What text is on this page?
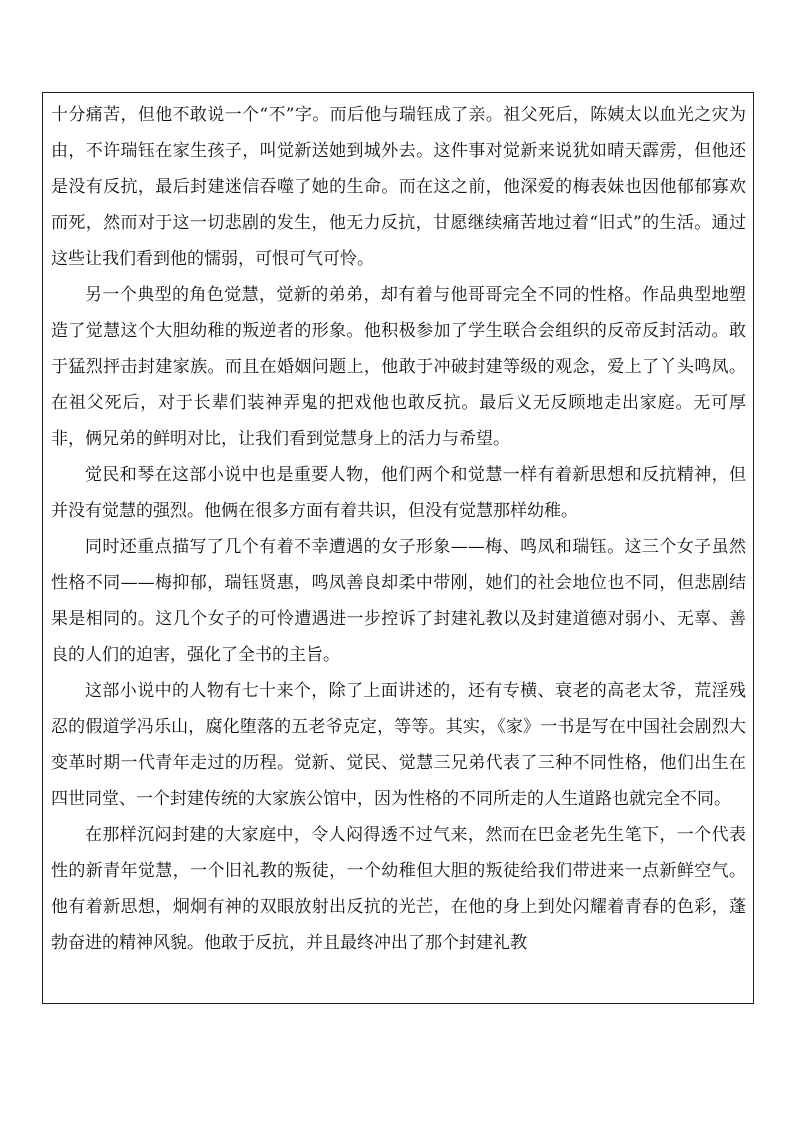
十分痛苦，但他不敢说一个“不”字。而后他与瑞钰成了亲。祖父死后，陈姨太以血光之灾为由，不许瑞钰在家生孩子，叫觉新送她到城外去。这件事对觉新来说犹如晴天霹雳，但他还是没有反抗，最后封建迷信吞噬了她的生命。而在这之前，他深爱的梅表妹也因他郁郁寡欢而死，然而对于这一切悲剧的发生，他无力反抗，甘愿继续痛苦地过着“旧式”的生活。通过这些让我们看到他的懦弱，可恨可气可怜。

另一个典型的角色觉慧，觉新的弟弟，却有着与他哥哥完全不同的性格。作品典型地塑造了觉慧这个大胆幼稚的叛逆者的形象。他积极参加了学生联合会组织的反帝反封活动。敢于猛烈抨击封建家族。而且在婚姻问题上，他敢于冲破封建等级的观念，爱上了丫头鸣凤。在祖父死后，对于长辈们装神弄鬼的把戏他也敢反抗。最后义无反顾地走出家庭。无可厚非，俩兄弟的鲜明对比，让我们看到觉慧身上的活力与希望。

觉民和琴在这部小说中也是重要人物，他们两个和觉慧一样有着新思想和反抗精神，但并没有觉慧的强烈。他俩在很多方面有着共识，但没有觉慧那样幼稚。

同时还重点描写了几个有着不幸遭遇的女子形象——梅、鸣凤和瑞钰。这三个女子虽然性格不同——梅抑郁，瑞钰贤惠，鸣凤善良却柔中带刚，她们的社会地位也不同，但悲剧结果是相同的。这几个女子的可怜遭遇进一步控诉了封建礼教以及封建道德对弱小、无辜、善良的人们的迫害，强化了全书的主旨。

这部小说中的人物有七十来个，除了上面讲述的，还有专横、衰老的高老太爷，荒淫残忍的假道学冯乐山，腐化堕落的五老爷克定，等等。其实，《家》一书是写在中国社会剧烈大变革时期一代青年走过的历程。觉新、觉民、觉慧三兄弟代表了三种不同性格，他们出生在四世同堂、一个封建传统的大家族公馆中，因为性格的不同所走的人生道路也就完全不同。

在那样沉闷封建的大家庭中，令人闷得透不过气来，然而在巴金老先生笔下，一个代表性的新青年觉慧，一个旧礼教的叛徒，一个幼稚但大胆的叛徒给我们带进来一点新鲜空气。他有着新思想，炯炯有神的双眼放射出反抗的光芒，在他的身上到处闪耀着青春的色彩，蓬勃奋进的精神风貌。他敢于反抗，并且最终冲出了那个封建礼教
